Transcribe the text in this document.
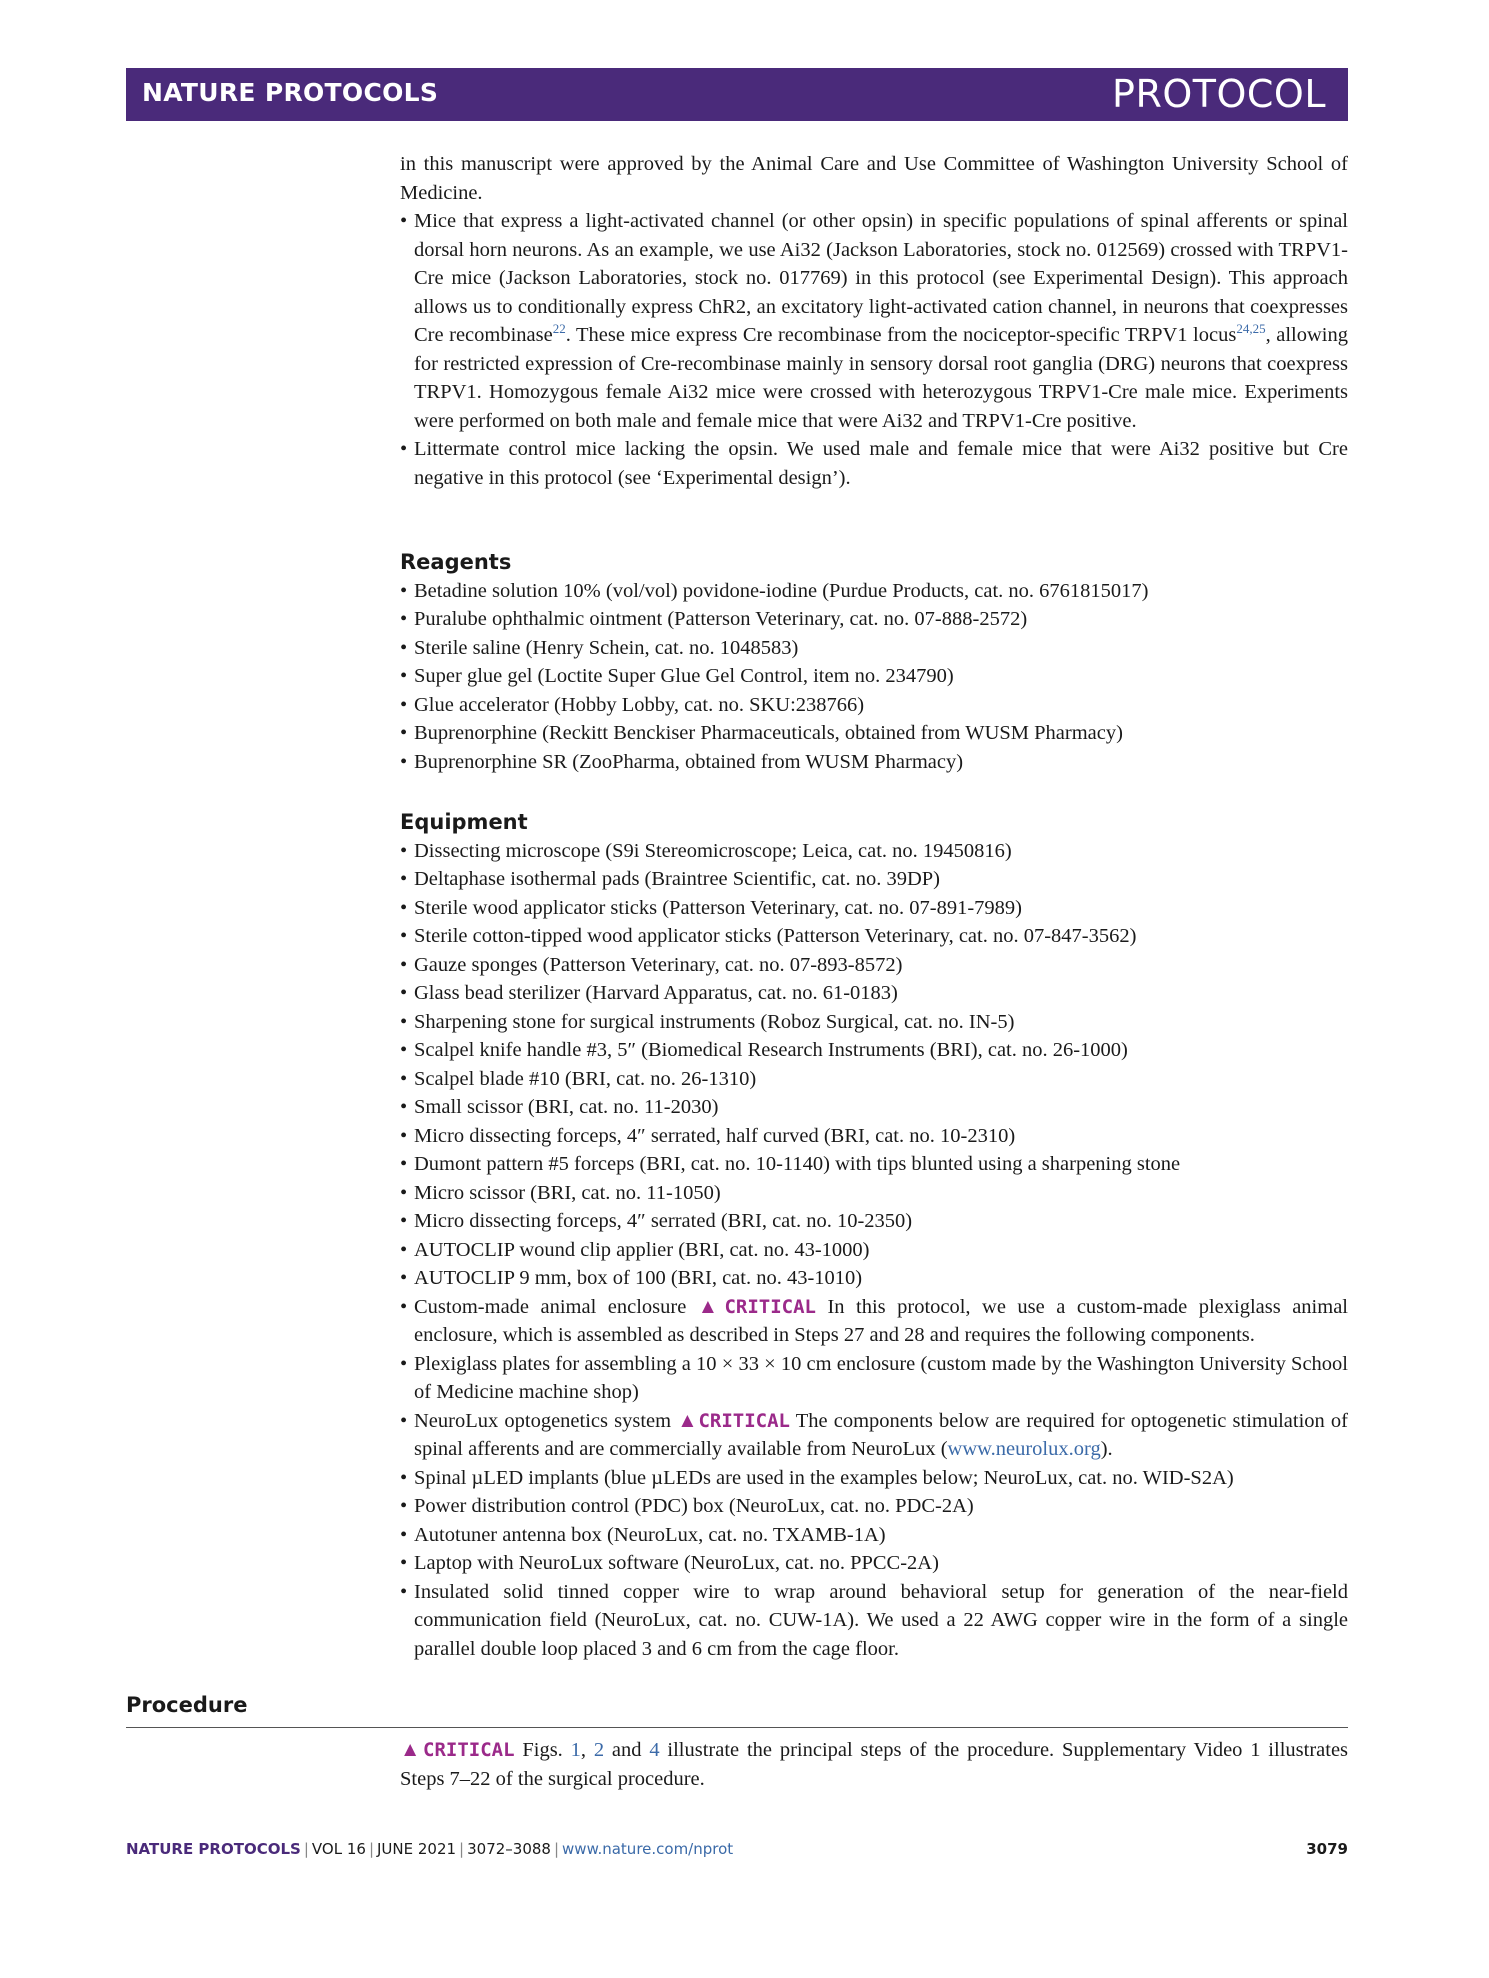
NATURE PROTOCOLS	PROTOCOL

in this manuscript were approved by the Animal Care and Use Committee of Washington University School of Medicine.

• Mice that express a light-activated channel (or other opsin) in specific populations of spinal afferents or spinal dorsal horn neurons. As an example, we use Ai32 (Jackson Laboratories, stock no. 012569) crossed with TRPV1-Cre mice (Jackson Laboratories, stock no. 017769) in this protocol (see Experimental Design). This approach allows us to conditionally express ChR2, an excitatory light-activated cation channel, in neurons that coexpresses Cre recombinase$^{22}$. These mice express Cre recombinase from the nociceptor-specific TRPV1 locus$^{24,25}$, allowing for restricted expression of Cre-recombinase mainly in sensory dorsal root ganglia (DRG) neurons that coexpress TRPV1. Homozygous female Ai32 mice were crossed with heterozygous TRPV1-Cre male mice. Experiments were performed on both male and female mice that were Ai32 and TRPV1-Cre positive.
• Littermate control mice lacking the opsin. We used male and female mice that were Ai32 positive but Cre negative in this protocol (see ‘Experimental design’).
Reagents
• Betadine solution 10% (vol/vol) povidone-iodine (Purdue Products, cat. no. 6761815017)
• Puralube ophthalmic ointment (Patterson Veterinary, cat. no. 07-888-2572)
• Sterile saline (Henry Schein, cat. no. 1048583)
• Super glue gel (Loctite Super Glue Gel Control, item no. 234790)
• Glue accelerator (Hobby Lobby, cat. no. SKU:238766)
• Buprenorphine (Reckitt Benckiser Pharmaceuticals, obtained from WUSM Pharmacy)
• Buprenorphine SR (ZooPharma, obtained from WUSM Pharmacy)
Equipment
• Dissecting microscope (S9i Stereomicroscope; Leica, cat. no. 19450816)
• Deltaphase isothermal pads (Braintree Scientific, cat. no. 39DP)
• Sterile wood applicator sticks (Patterson Veterinary, cat. no. 07-891-7989)
• Sterile cotton-tipped wood applicator sticks (Patterson Veterinary, cat. no. 07-847-3562)
• Gauze sponges (Patterson Veterinary, cat. no. 07-893-8572)
• Glass bead sterilizer (Harvard Apparatus, cat. no. 61-0183)
• Sharpening stone for surgical instruments (Roboz Surgical, cat. no. IN-5)
• Scalpel knife handle #3, 5″ (Biomedical Research Instruments (BRI), cat. no. 26-1000)
• Scalpel blade #10 (BRI, cat. no. 26-1310)
• Small scissor (BRI, cat. no. 11-2030)
• Micro dissecting forceps, 4″ serrated, half curved (BRI, cat. no. 10-2310)
• Dumont pattern #5 forceps (BRI, cat. no. 10-1140) with tips blunted using a sharpening stone
• Micro scissor (BRI, cat. no. 11-1050)
• Micro dissecting forceps, 4″ serrated (BRI, cat. no. 10-2350)
• AUTOCLIP wound clip applier (BRI, cat. no. 43-1000)
• AUTOCLIP 9 mm, box of 100 (BRI, cat. no. 43-1010)
• Custom-made animal enclosure ▲CRITICAL In this protocol, we use a custom-made plexiglass animal enclosure, which is assembled as described in Steps 27 and 28 and requires the following components.
• Plexiglass plates for assembling a 10 × 33 × 10 cm enclosure (custom made by the Washington University School of Medicine machine shop)
• NeuroLux optogenetics system ▲CRITICAL The components below are required for optogenetic stimulation of spinal afferents and are commercially available from NeuroLux (www.neurolux.org).
• Spinal µLED implants (blue µLEDs are used in the examples below; NeuroLux, cat. no. WID-S2A)
• Power distribution control (PDC) box (NeuroLux, cat. no. PDC-2A)
• Autotuner antenna box (NeuroLux, cat. no. TXAMB-1A)
• Laptop with NeuroLux software (NeuroLux, cat. no. PPCC-2A)
• Insulated solid tinned copper wire to wrap around behavioral setup for generation of the near-field communication field (NeuroLux, cat. no. CUW-1A). We used a 22 AWG copper wire in the form of a single parallel double loop placed 3 and 6 cm from the cage floor.
Procedure

▲CRITICAL Figs. 1, 2 and 4 illustrate the principal steps of the procedure. Supplementary Video 1 illustrates Steps 7–22 of the surgical procedure.

NATURE PROTOCOLS | VOL 16 | JUNE 2021 | 3072–3088 | www.nature.com/nprot	3079
